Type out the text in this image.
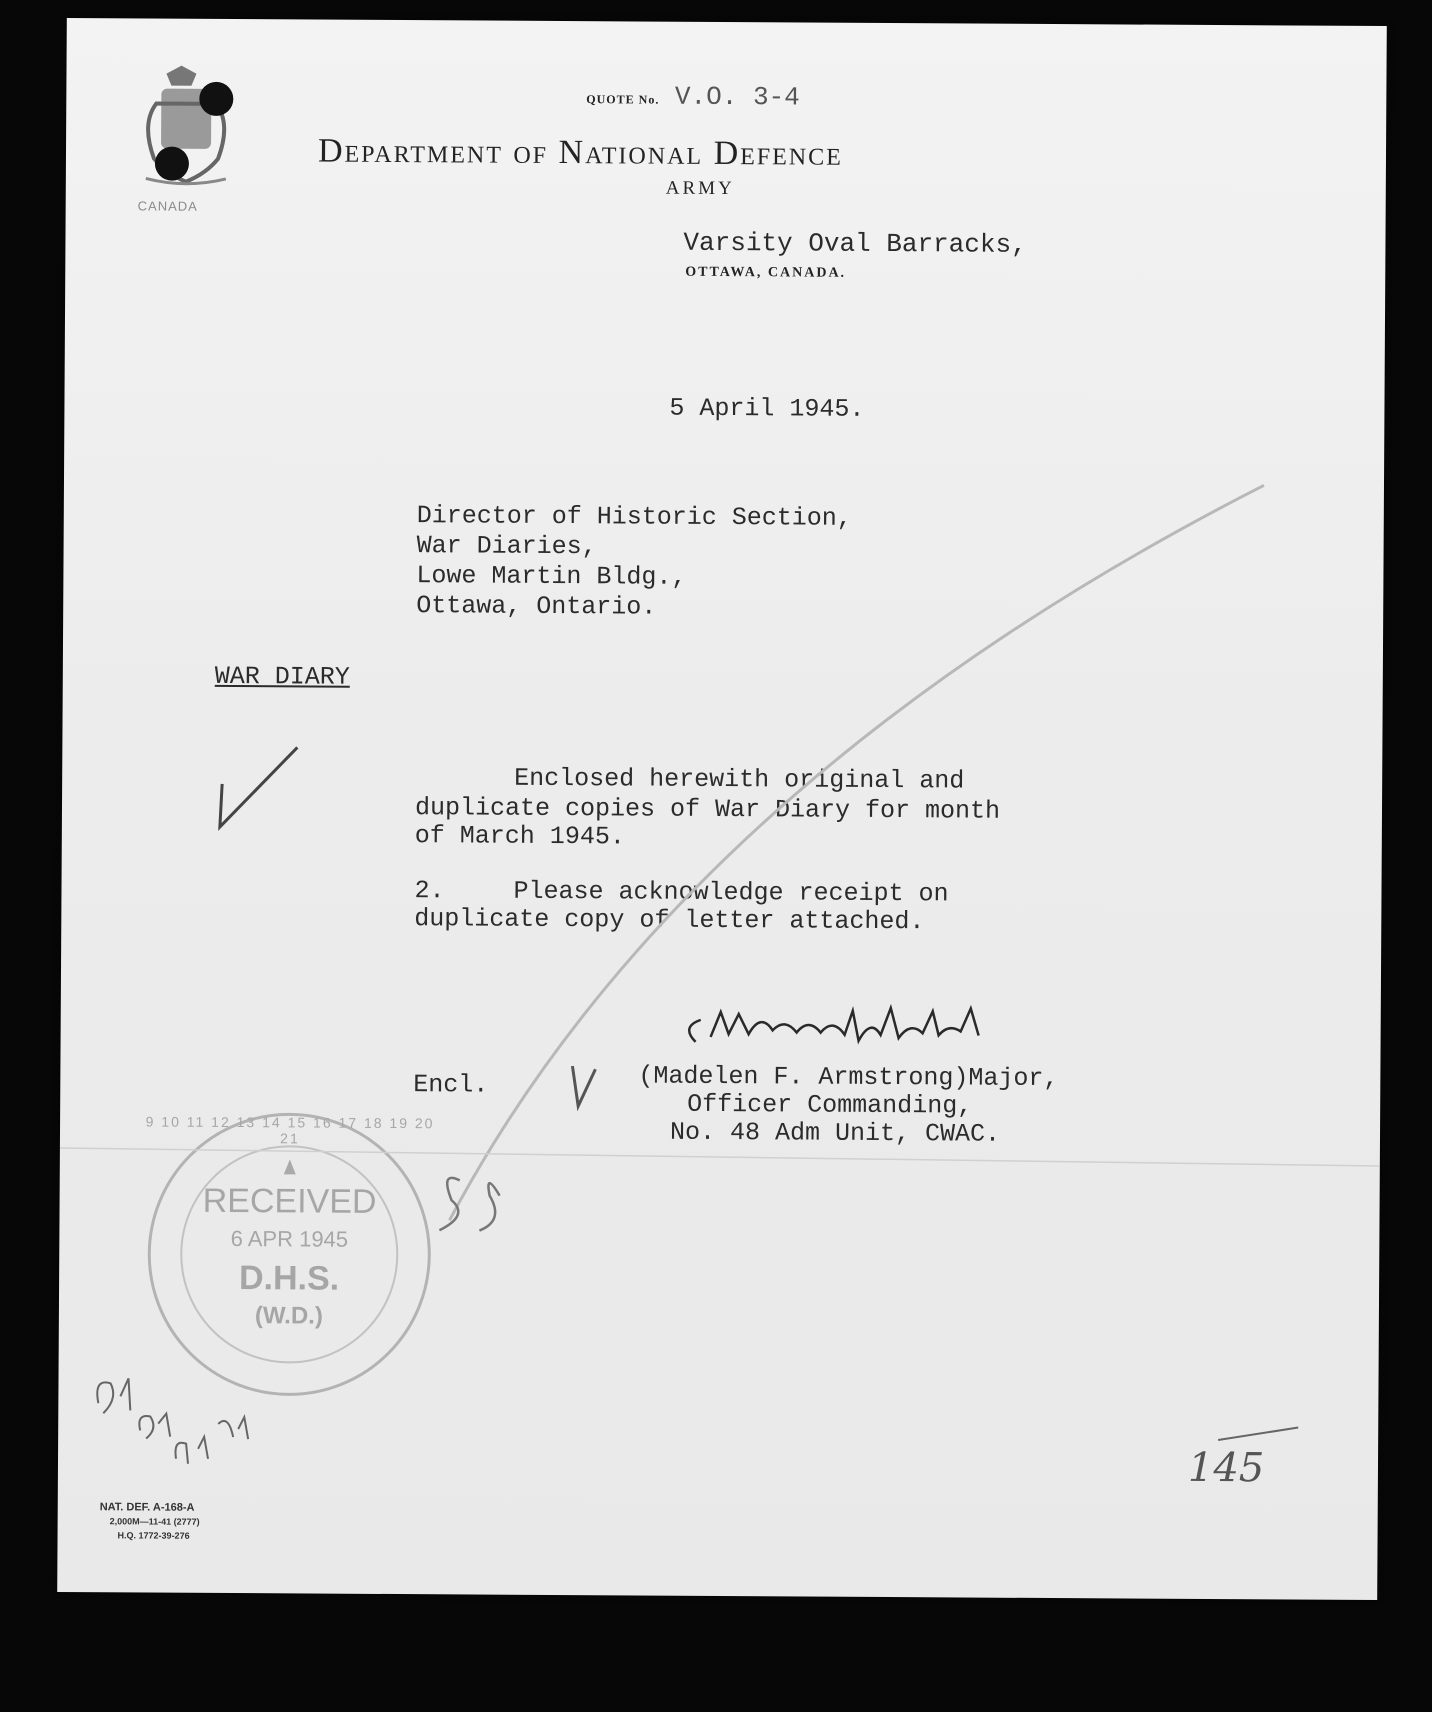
CANADA
QUOTE No. V.O. 3-4
Department of National Defence
ARMY
Varsity Oval Barracks,
OTTAWA, CANADA.
5 April 1945.
Director of Historic Section,
War Diaries,
Lowe Martin Bldg.,
Ottawa, Ontario.
WAR DIARY
Enclosed herewith original and
duplicate copies of War Diary for month
of March 1945.
2.	Please acknowledge receipt on
duplicate copy of letter attached.
Encl.	(Madelen F. Armstrong)Major,
Officer Commanding,
No. 48 Adm Unit, CWAC.
9 10 11 12 13 14 15 16 17 18 19 20 21
RECEIVED
6 APR 1945
D.H.S.
(W.D.)
NAT. DEF. A-168-A
2,000M—11-41 (2777)
H.Q. 1772-39-276
145
